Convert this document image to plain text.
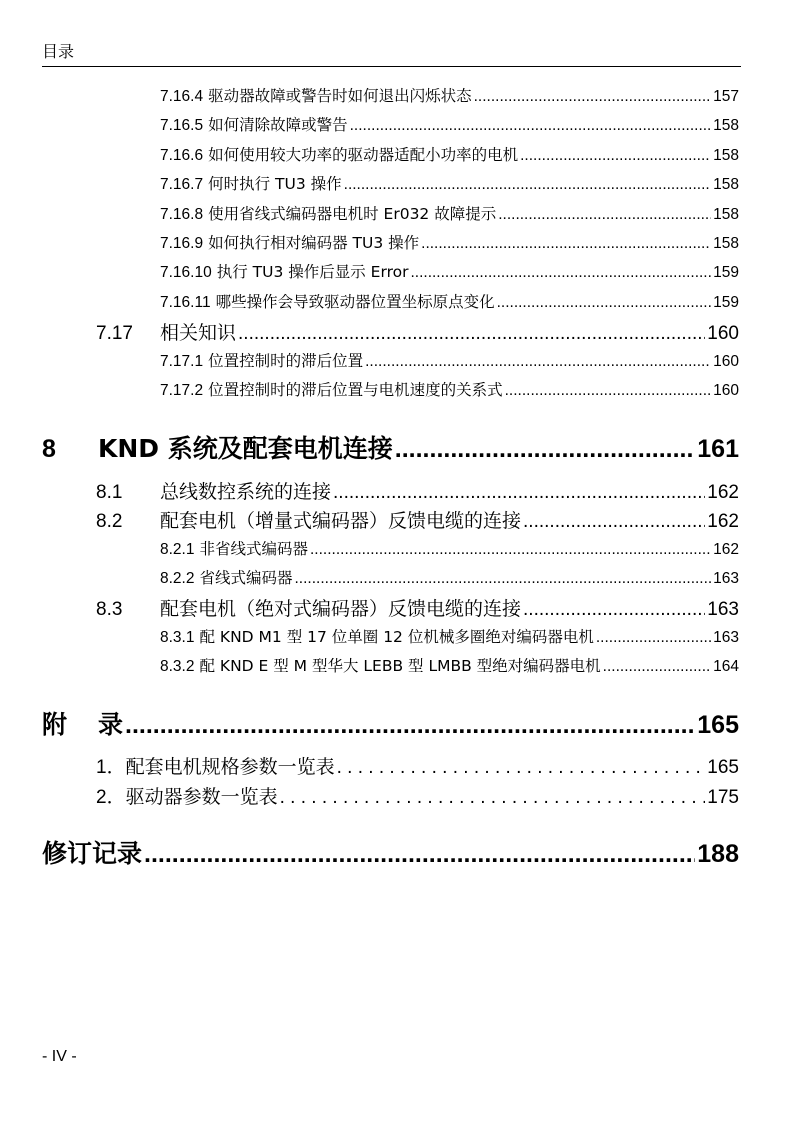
目录
7.16.4 驱动器故障或警告时如何退出闪烁状态 .....	157
7.16.5 如何清除故障或警告 .....	158
7.16.6 如何使用较大功率的驱动器适配小功率的电机 .....	158
7.16.7 何时执行 TU3 操作 .....	158
7.16.8 使用省线式编码器电机时 Er032 故障提示 .....	158
7.16.9 如何执行相对编码器 TU3 操作 .....	158
7.16.10 执行 TU3 操作后显示 Error .....	159
7.16.11 哪些操作会导致驱动器位置坐标原点变化 .....	159
7.17	相关知识 .....	160
7.17.1 位置控制时的滞后位置 .....	160
7.17.2 位置控制时的滞后位置与电机速度的关系式 .....	160
8	KND 系统及配套电机连接 .....	161
8.1	总线数控系统的连接 .....	162
8.2	配套电机（增量式编码器）反馈电缆的连接 .....	162
8.2.1 非省线式编码器 .....	162
8.2.2 省线式编码器 .....	163
8.3	配套电机（绝对式编码器）反馈电缆的连接 .....	163
8.3.1 配 KND M1 型 17 位单圈 12 位机械多圈绝对编码器电机 .....	163
8.3.2 配 KND E 型 M 型华大 LEBB 型 LMBB 型绝对编码器电机 .....	164
附	录 .....	165
1． 配套电机规格参数一览表 . . .	165
2． 驱动器参数一览表 . . .	175
修订记录 .....	188
- IV -
